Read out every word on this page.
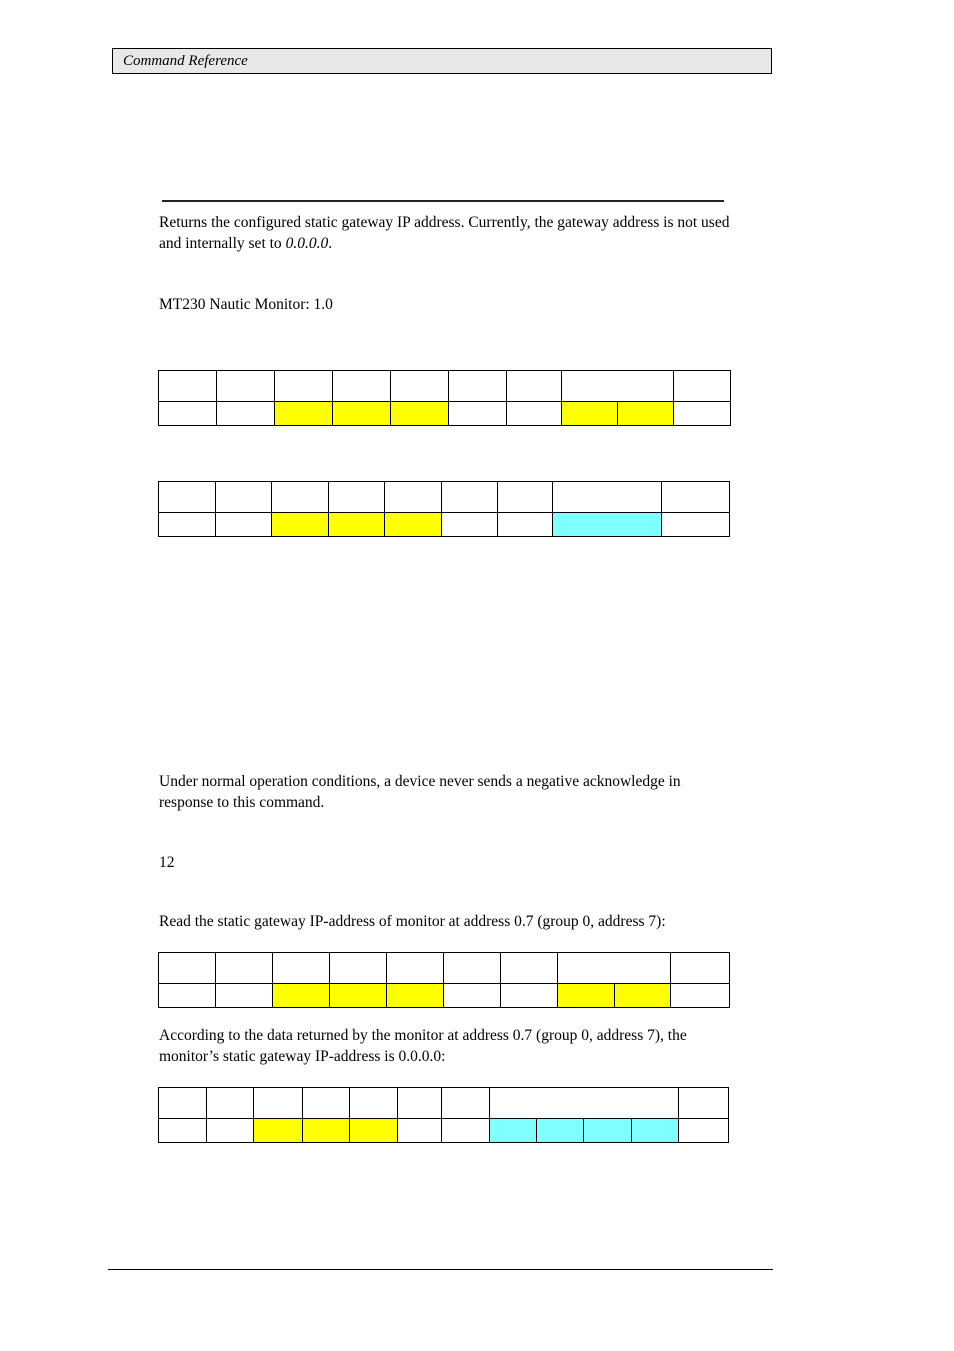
Command Reference
Returns the configured static gateway IP address. Currently, the gateway address is not used and internally set to 0.0.0.0.
MT230 Nautic Monitor: 1.0

Under normal operation conditions, a device never sends a negative acknowledge in response to this command.
12
Read the static gateway IP-address of monitor at address 0.7 (group 0, address 7):

According to the data returned by the monitor at address 0.7 (group 0, address 7), the monitor’s static gateway IP-address is 0.0.0.0:
